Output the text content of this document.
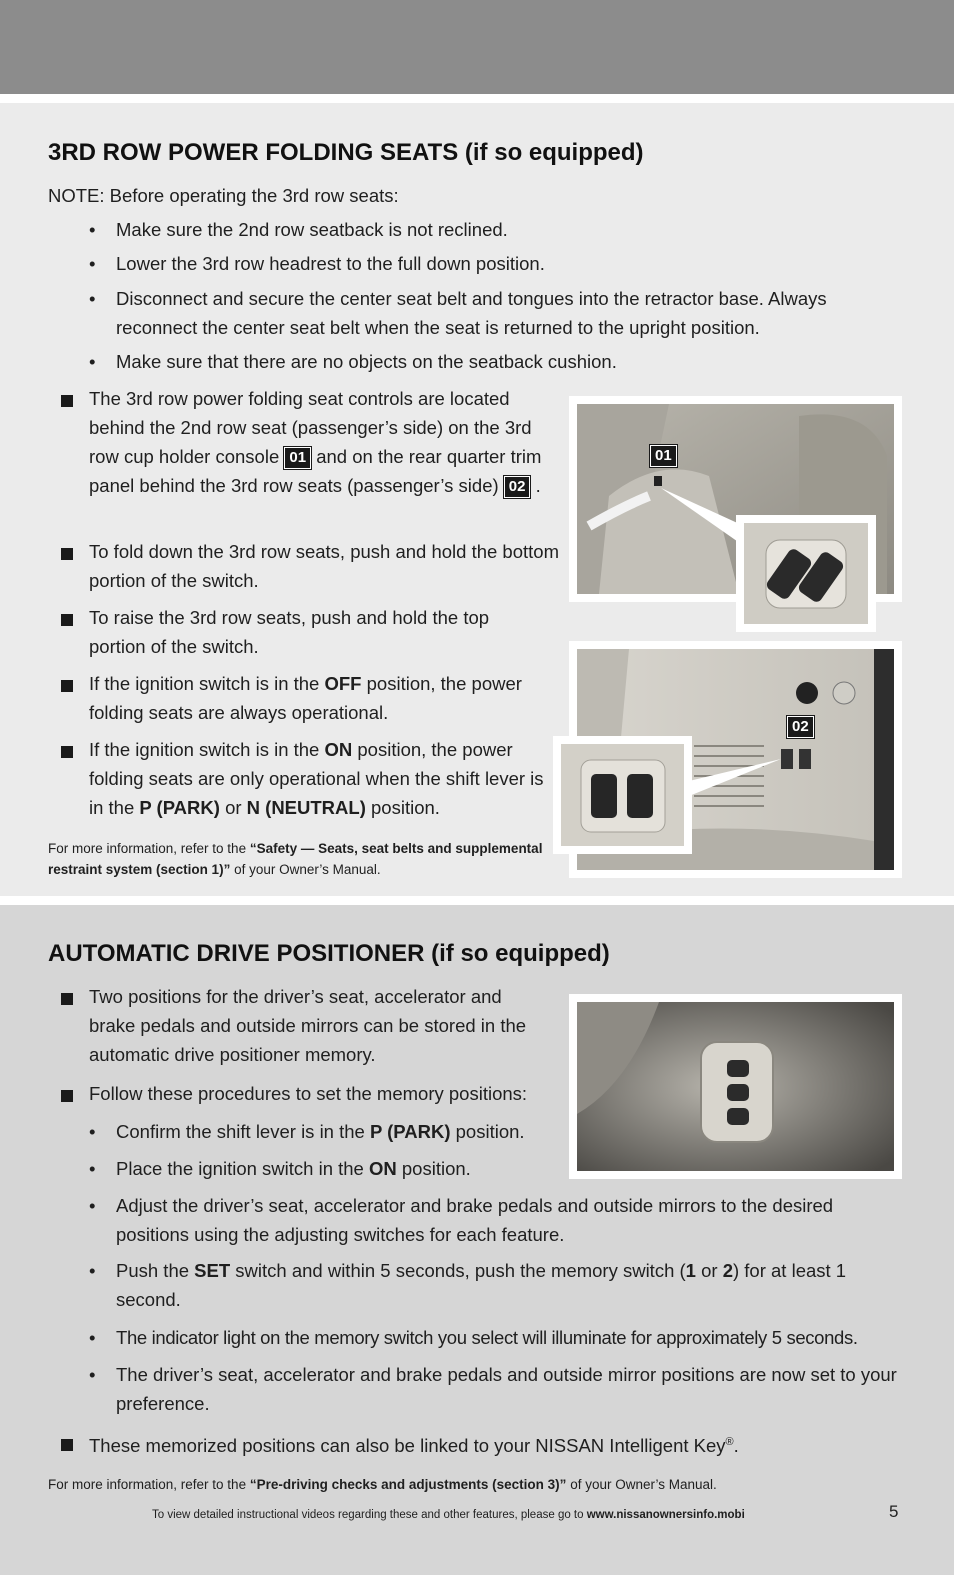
3RD ROW POWER FOLDING SEATS (if so equipped)
NOTE: Before operating the 3rd row seats:
• Make sure the 2nd row seatback is not reclined.
• Lower the 3rd row headrest to the full down position.
• Disconnect and secure the center seat belt and tongues into the retractor base. Always reconnect the center seat belt when the seat is returned to the upright position.
• Make sure that there are no objects on the seatback cushion.
The 3rd row power folding seat controls are located behind the 2nd row seat (passenger’s side) on the 3rd row cup holder console 01 and on the rear quarter trim panel behind the 3rd row seats (passenger’s side) 02 .
To fold down the 3rd row seats, push and hold the bottom portion of the switch.
To raise the 3rd row seats, push and hold the top portion of the switch.
If the ignition switch is in the OFF position, the power folding seats are always operational.
If the ignition switch is in the ON position, the power folding seats are only operational when the shift lever is in the P (PARK) or N (NEUTRAL) position.
For more information, refer to the “Safety — Seats, seat belts and supplemental restraint system (section 1)” of your Owner’s Manual.
01
02
AUTOMATIC DRIVE POSITIONER (if so equipped)
Two positions for the driver’s seat, accelerator and brake pedals and outside mirrors can be stored in the automatic drive positioner memory.
Follow these procedures to set the memory positions:
• Confirm the shift lever is in the P (PARK) position.
• Place the ignition switch in the ON position.
• Adjust the driver’s seat, accelerator and brake pedals and outside mirrors to the desired positions using the adjusting switches for each feature.
• Push the SET switch and within 5 seconds, push the memory switch (1 or 2) for at least 1 second.
• The indicator light on the memory switch you select will illuminate for approximately 5 seconds.
• The driver’s seat, accelerator and brake pedals and outside mirror positions are now set to your preference.
These memorized positions can also be linked to your NISSAN Intelligent Key®.
For more information, refer to the “Pre-driving checks and adjustments (section 3)” of your Owner’s Manual.
To view detailed instructional videos regarding these and other features, please go to www.nissanownersinfo.mobi	5
